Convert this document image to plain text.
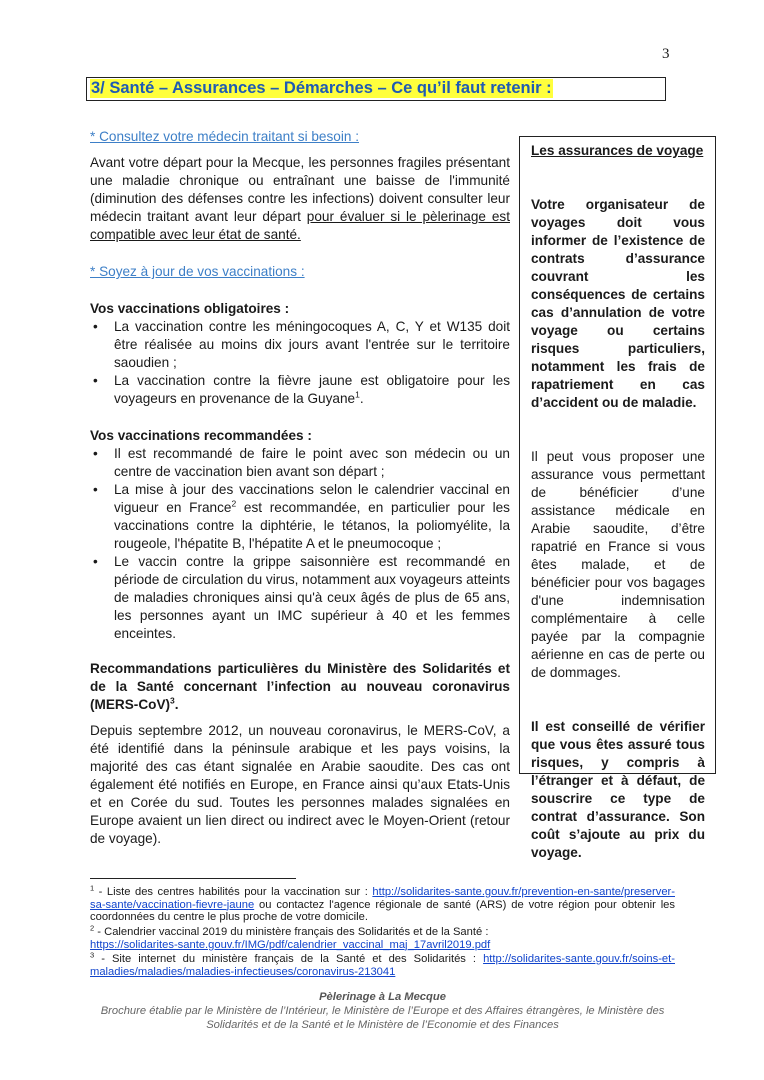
3
3/ Santé – Assurances – Démarches – Ce qu’il faut retenir :

* Consultez votre médecin traitant si besoin :

Avant votre départ pour la Mecque, les personnes fragiles présentant une maladie chronique ou entraînant une baisse de l'immunité (diminution des défenses contre les infections) doivent consulter leur médecin traitant avant leur départ pour évaluer si le pèlerinage est compatible avec leur état de santé.

* Soyez à jour de vos vaccinations :

Vos vaccinations obligatoires :

• La vaccination contre les méningocoques A, C, Y et W135 doit être réalisée au moins dix jours avant l'entrée sur le territoire saoudien ;
• La vaccination contre la fièvre jaune est obligatoire pour les voyageurs en provenance de la Guyane$^1$.

Vos vaccinations recommandées :

• Il est recommandé de faire le point avec son médecin ou un centre de vaccination bien avant son départ ;
• La mise à jour des vaccinations selon le calendrier vaccinal en vigueur en France$^2$ est recommandée, en particulier pour les vaccinations contre la diphtérie, le tétanos, la poliomyélite, la rougeole, l'hépatite B, l'hépatite A et le pneumocoque ;
• Le vaccin contre la grippe saisonnière est recommandé en période de circulation du virus, notamment aux voyageurs atteints de maladies chroniques ainsi qu'à ceux âgés de plus de 65 ans, les personnes ayant un IMC supérieur à 40 et les femmes enceintes.

Recommandations particulières du Ministère des Solidarités et de la Santé concernant l’infection au nouveau coronavirus (MERS-CoV)$^3$.

Depuis septembre 2012, un nouveau coronavirus, le MERS-CoV, a été identifié dans la péninsule arabique et les pays voisins, la majorité des cas étant signalée en Arabie saoudite. Des cas ont également été notifiés en Europe, en France ainsi qu’aux Etats-Unis et en Corée du sud. Toutes les personnes malades signalées en Europe avaient un lien direct ou indirect avec le Moyen-Orient (retour de voyage).

Les assurances de voyage

Votre organisateur de voyages doit vous informer de l’existence de contrats d’assurance couvrant les conséquences de certains cas d’annulation de votre voyage ou certains risques particuliers, notamment les frais de rapatriement en cas d’accident ou de maladie.

Il peut vous proposer une assurance vous permettant de bénéficier d’une assistance médicale en Arabie saoudite, d’être rapatrié en France si vous êtes malade, et de bénéficier pour vos bagages d'une indemnisation complémentaire à celle payée par la compagnie aérienne en cas de perte ou de dommages.

Il est conseillé de vérifier que vous êtes assuré tous risques, y compris à l’étranger et à défaut, de souscrire ce type de contrat d’assurance. Son coût s’ajoute au prix du voyage.

$^1$ - Liste des centres habilités pour la vaccination sur : http://solidarites-sante.gouv.fr/prevention-en-sante/preserver-sa-sante/vaccination-fievre-jaune ou contactez l'agence régionale de santé (ARS) de votre région pour obtenir les coordonnées du centre le plus proche de votre domicile.
$^2$ - Calendrier vaccinal 2019 du ministère français des Solidarités et de la Santé :
https://solidarites-sante.gouv.fr/IMG/pdf/calendrier_vaccinal_maj_17avril2019.pdf
$^3$ - Site internet du ministère français de la Santé et des Solidarités : http://solidarites-sante.gouv.fr/soins-et-maladies/maladies/maladies-infectieuses/coronavirus-213041
Pèlerinage à La Mecque
Brochure établie par le Ministère de l’Intérieur, le Ministère de l’Europe et des Affaires étrangères, le Ministère des
Solidarités et de la Santé et le Ministère de l’Economie et des Finances
